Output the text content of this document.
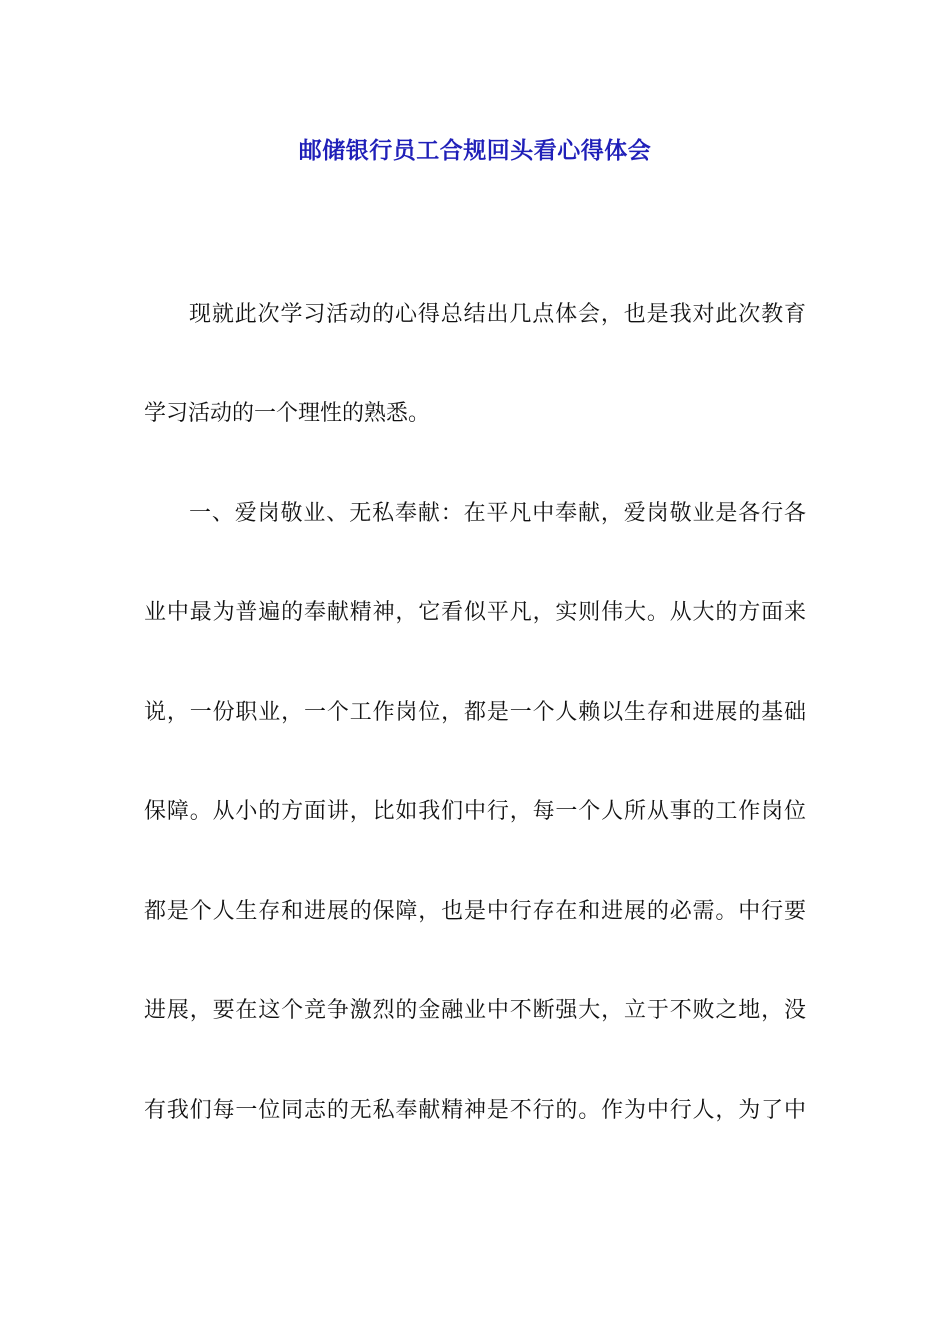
邮储银行员工合规回头看心得体会
现就此次学习活动的心得总结出几点体会，也是我对此次教育
学习活动的一个理性的熟悉。
一、爱岗敬业、无私奉献：在平凡中奉献，爱岗敬业是各行各
业中最为普遍的奉献精神，它看似平凡，实则伟大。从大的方面来
说，一份职业，一个工作岗位，都是一个人赖以生存和进展的基础
保障。从小的方面讲，比如我们中行，每一个人所从事的工作岗位
都是个人生存和进展的保障，也是中行存在和进展的必需。中行要
进展，要在这个竞争激烈的金融业中不断强大，立于不败之地，没
有我们每一位同志的无私奉献精神是不行的。作为中行人，为了中
